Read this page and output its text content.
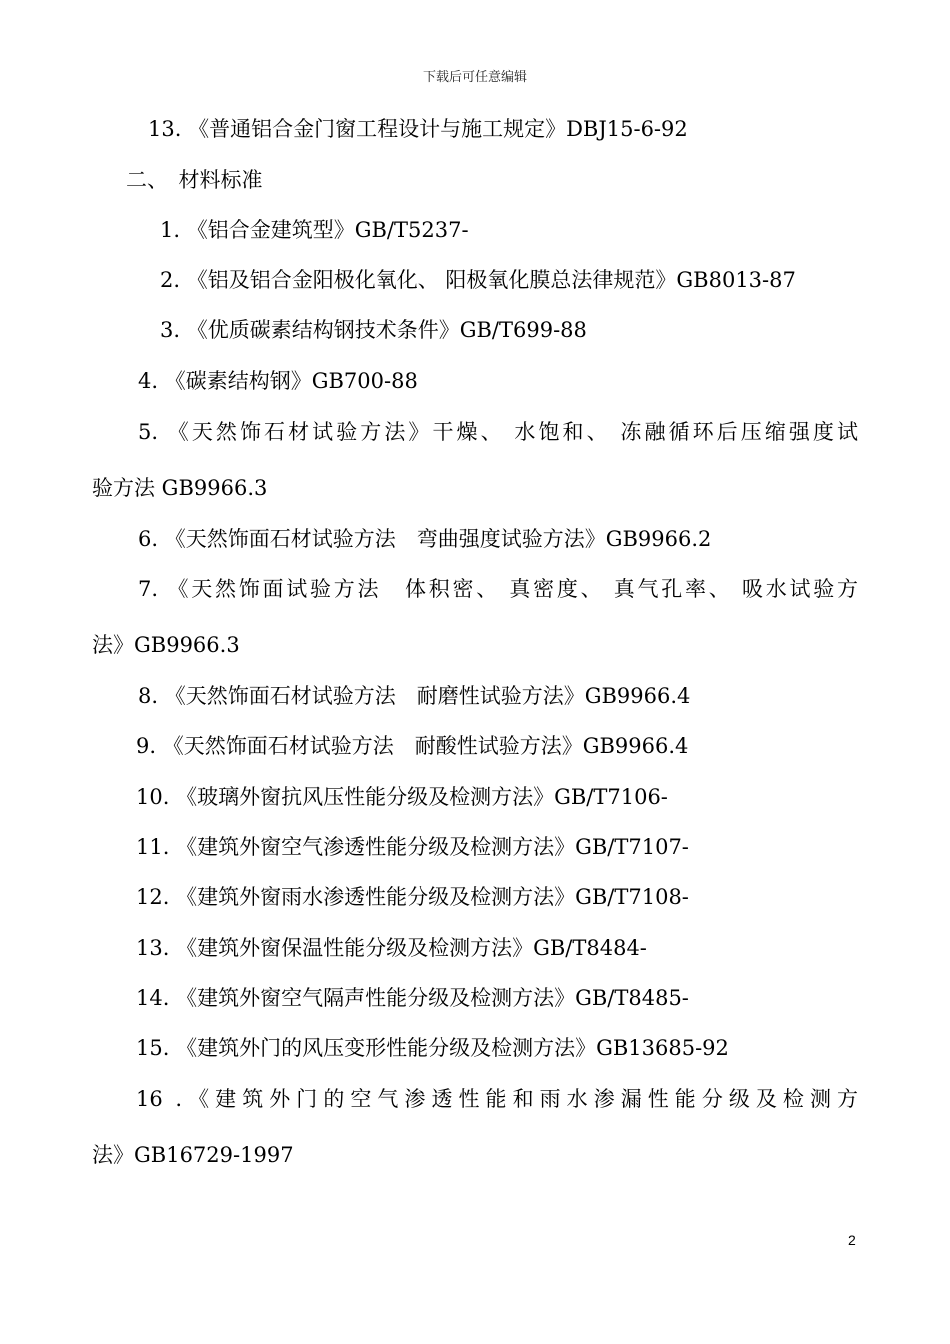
下载后可任意编辑
13. 《普通铝合金门窗工程设计与施工规定》DBJ15-6-92
二、　材料标准
1. 《铝合金建筑型》GB/T5237-
2. 《铝及铝合金阳极化氧化、 阳极氧化膜总法律规范》GB8013-87
3. 《优质碳素结构钢技术条件》GB/T699-88
4. 《碳素结构钢》GB700-88
5. 《天然饰石材试验方法》干燥、 水饱和、 冻融循环后压缩强度试
验方法 GB9966.3
6. 《天然饰面石材试验方法　弯曲强度试验方法》GB9966.2
7. 《天然饰面试验方法　体积密、 真密度、 真气孔率、 吸水试验方
法》GB9966.3
8. 《天然饰面石材试验方法　耐磨性试验方法》GB9966.4
9. 《天然饰面石材试验方法　耐酸性试验方法》GB9966.4
10. 《玻璃外窗抗风压性能分级及检测方法》GB/T7106-
11. 《建筑外窗空气渗透性能分级及检测方法》GB/T7107-
12. 《建筑外窗雨水渗透性能分级及检测方法》GB/T7108-
13. 《建筑外窗保温性能分级及检测方法》GB/T8484-
14. 《建筑外窗空气隔声性能分级及检测方法》GB/T8485-
15. 《建筑外门的风压变形性能分级及检测方法》GB13685-92
16 .《建筑外门的空气渗透性能和雨水渗漏性能分级及检测方
法》GB16729-1997
2
